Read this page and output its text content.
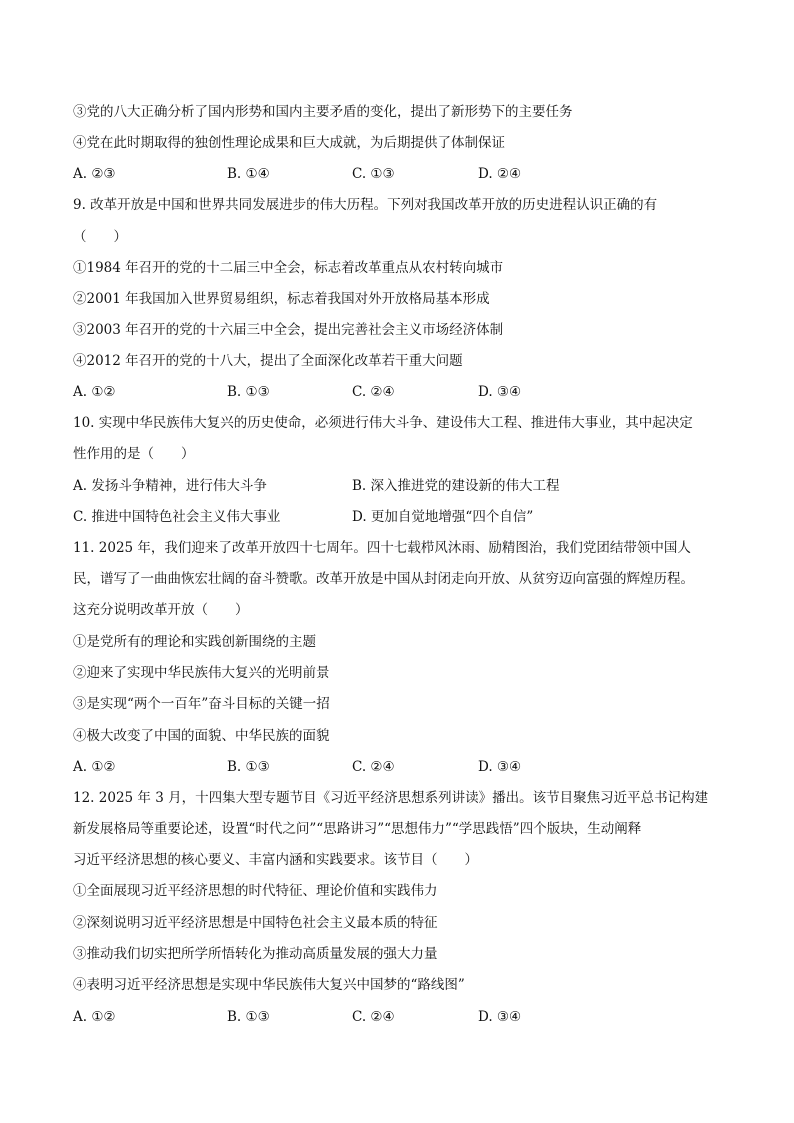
③党的八大正确分析了国内形势和国内主要矛盾的变化，提出了新形势下的主要任务
④党在此时期取得的独创性理论成果和巨大成就，为后期提供了体制保证
A. ②③	B. ①④	C. ①③	D. ②④
9. 改革开放是中国和世界共同发展进步的伟大历程。下列对我国改革开放的历史进程认识正确的有
（　　）
①1984 年召开的党的十二届三中全会，标志着改革重点从农村转向城市
②2001 年我国加入世界贸易组织，标志着我国对外开放格局基本形成
③2003 年召开的党的十六届三中全会，提出完善社会主义市场经济体制
④2012 年召开的党的十八大，提出了全面深化改革若干重大问题
A. ①②	B. ①③	C. ②④	D. ③④
10. 实现中华民族伟大复兴的历史使命，必须进行伟大斗争、建设伟大工程、推进伟大事业，其中起决定
性作用的是（　　）
A. 发扬斗争精神，进行伟大斗争	B. 深入推进党的建设新的伟大工程
C. 推进中国特色社会主义伟大事业	D. 更加自觉地增强“四个自信”
11. 2025 年，我们迎来了改革开放四十七周年。四十七载栉风沐雨、励精图治，我们党团结带领中国人
民，谱写了一曲曲恢宏壮阔的奋斗赞歌。改革开放是中国从封闭走向开放、从贫穷迈向富强的辉煌历程。
这充分说明改革开放（　　）
①是党所有的理论和实践创新围绕的主题
②迎来了实现中华民族伟大复兴的光明前景
③是实现“两个一百年”奋斗目标的关键一招
④极大改变了中国的面貌、中华民族的面貌
A. ①②	B. ①③	C. ②④	D. ③④
12. 2025 年 3 月，十四集大型专题节目《习近平经济思想系列讲读》播出。该节目聚焦习近平总书记构建
新发展格局等重要论述，设置“时代之问”“思路讲习”“思想伟力”“学思践悟”四个版块，生动阐释
习近平经济思想的核心要义、丰富内涵和实践要求。该节目（　　）
①全面展现习近平经济思想的时代特征、理论价值和实践伟力
②深刻说明习近平经济思想是中国特色社会主义最本质的特征
③推动我们切实把所学所悟转化为推动高质量发展的强大力量
④表明习近平经济思想是实现中华民族伟大复兴中国梦的“路线图”
A. ①②	B. ①③	C. ②④	D. ③④
